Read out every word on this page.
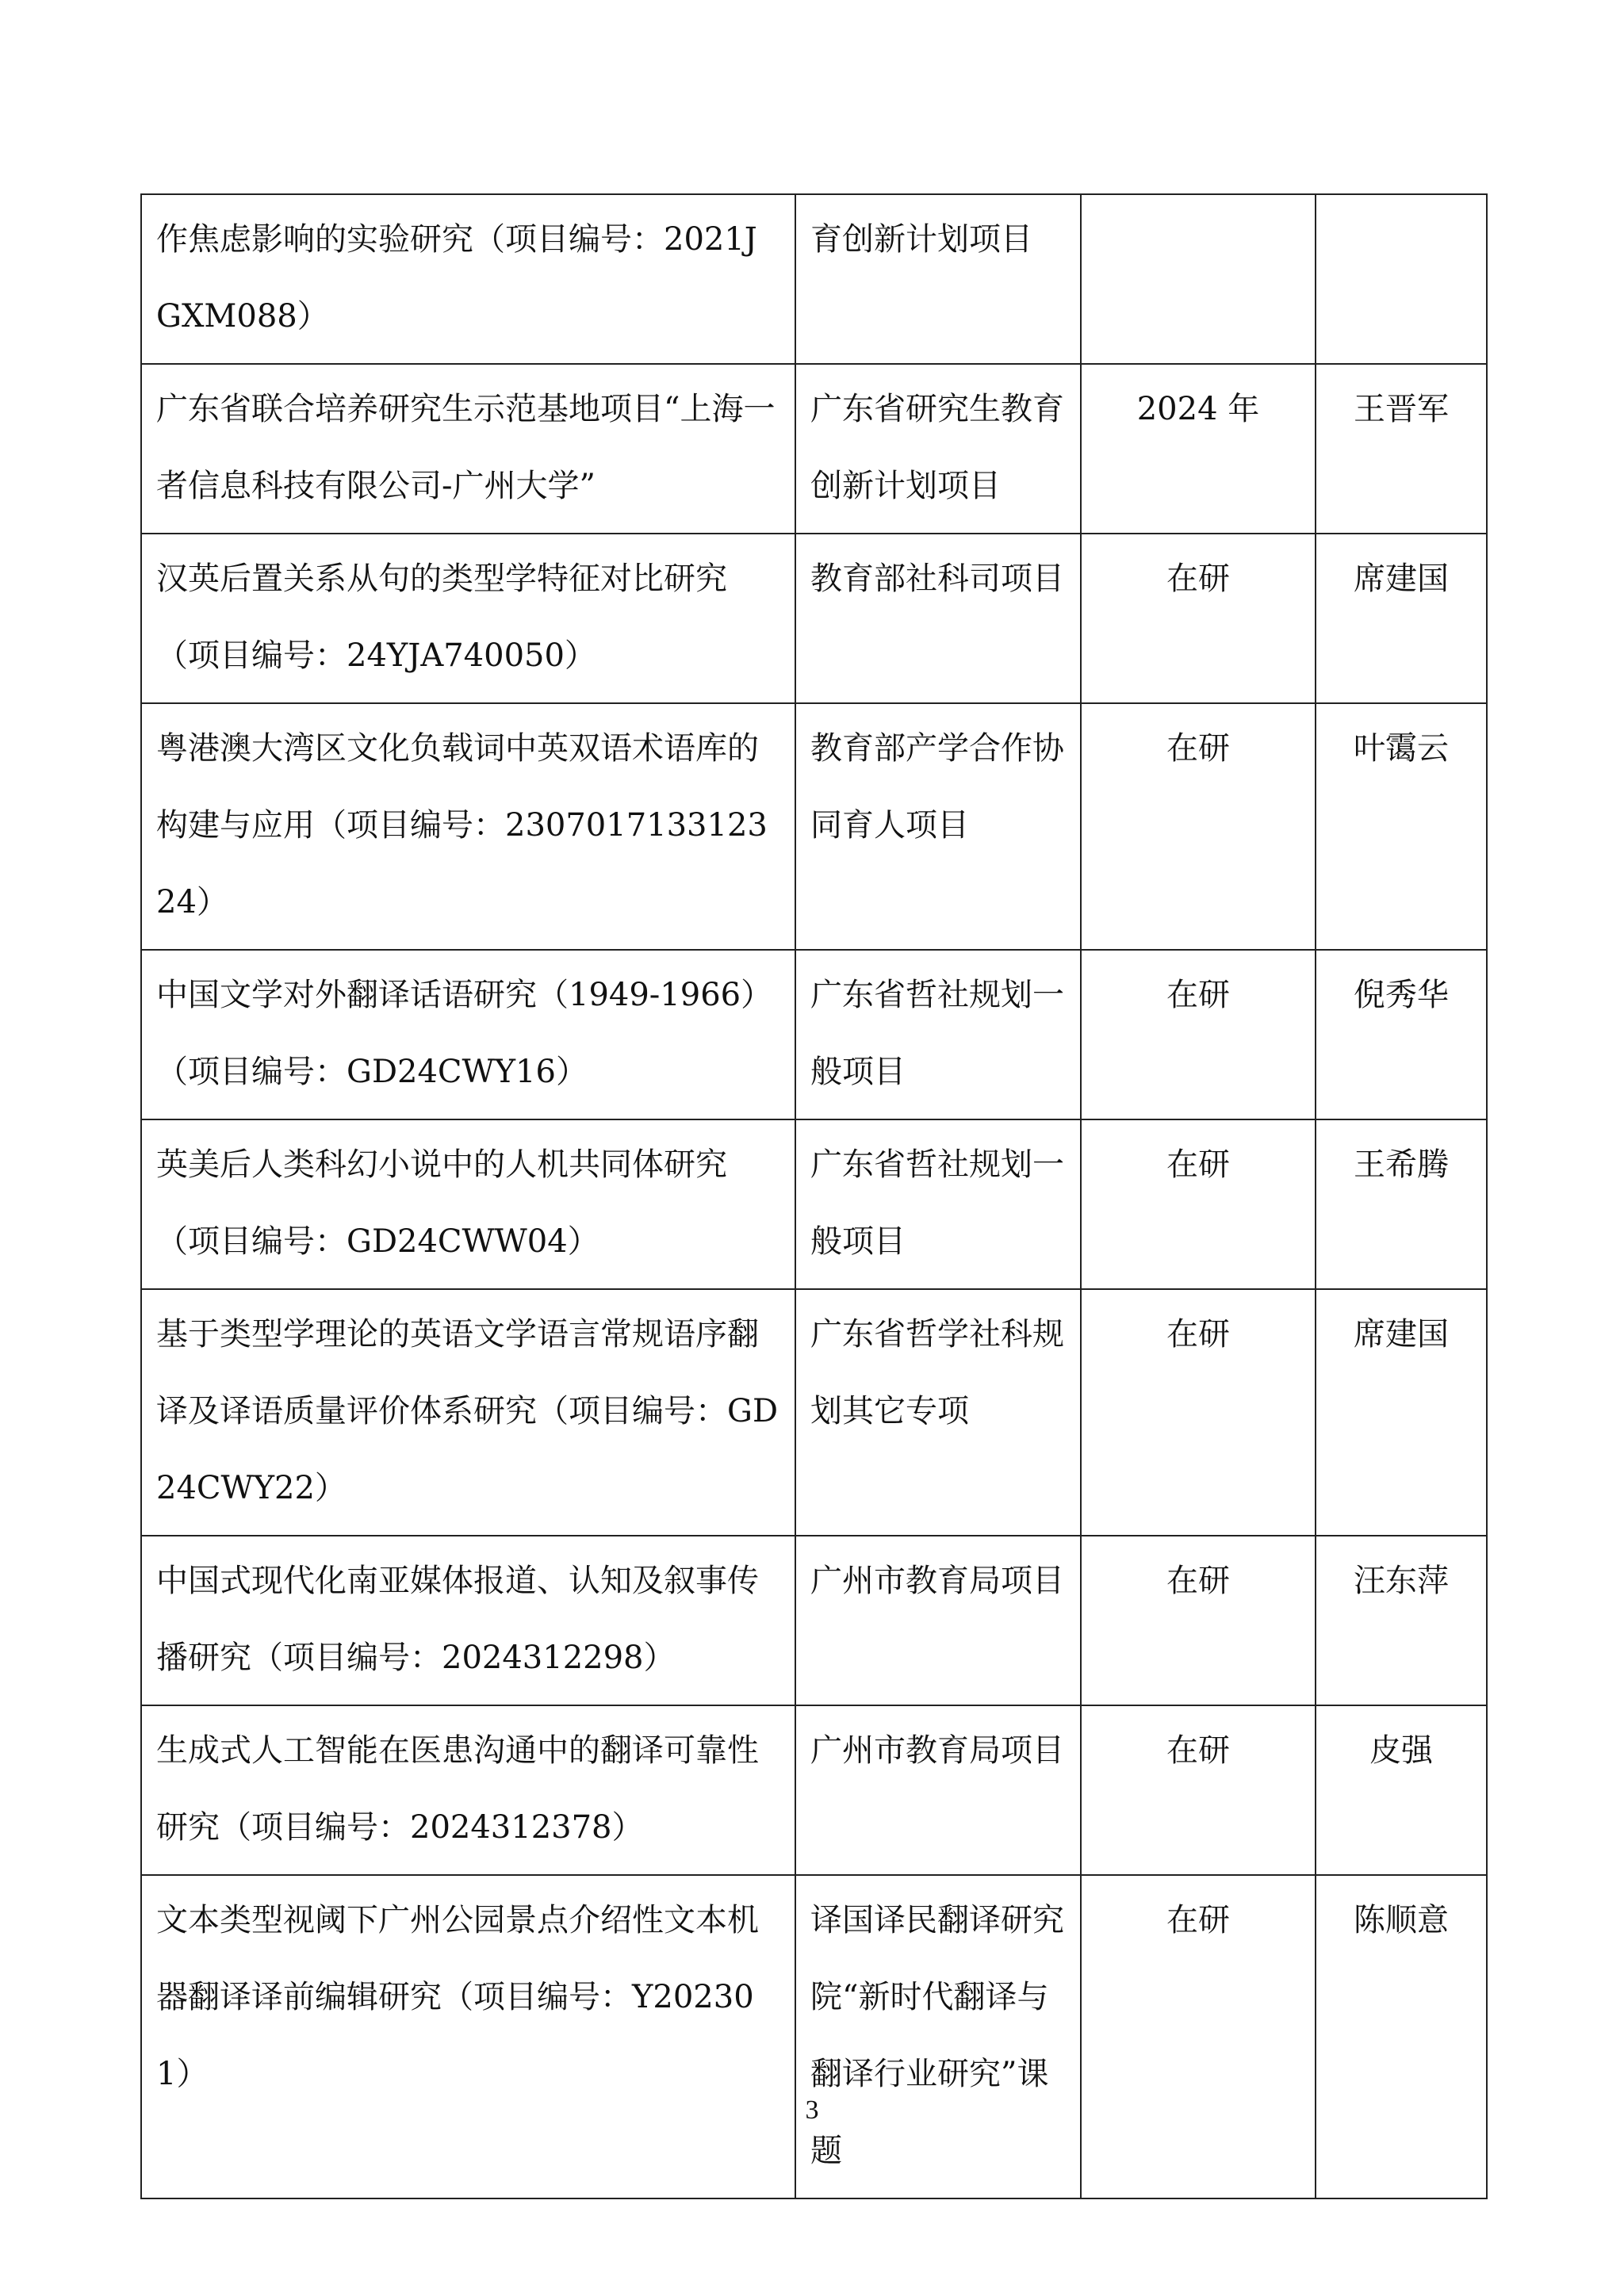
作焦虑影响的实验研究（项目编号：2021JGXM088）	育创新计划项目		
广东省联合培养研究生示范基地项目“上海一者信息科技有限公司-广州大学”	广东省研究生教育创新计划项目	2024 年	王晋军
汉英后置关系从句的类型学特征对比研究（项目编号：24YJA740050）	教育部社科司项目	在研	席建国
粤港澳大湾区文化负载词中英双语术语库的构建与应用（项目编号：230701713312324）	教育部产学合作协同育人项目	在研	叶霭云
中国文学对外翻译话语研究（1949-1966）（项目编号：GD24CWY16）	广东省哲社规划一般项目	在研	倪秀华
英美后人类科幻小说中的人机共同体研究（项目编号：GD24CWW04）	广东省哲社规划一般项目	在研	王希腾
基于类型学理论的英语文学语言常规语序翻译及译语质量评价体系研究（项目编号：GD24CWY22）	广东省哲学社科规划其它专项	在研	席建国
中国式现代化南亚媒体报道、认知及叙事传播研究（项目编号：2024312298）	广州市教育局项目	在研	汪东萍
生成式人工智能在医患沟通中的翻译可靠性研究（项目编号：2024312378）	广州市教育局项目	在研	皮强
文本类型视阈下广州公园景点介绍性文本机器翻译译前编辑研究（项目编号：Y202301）	译国译民翻译研究院“新时代翻译与翻译行业研究”课题	在研	陈顺意
3
